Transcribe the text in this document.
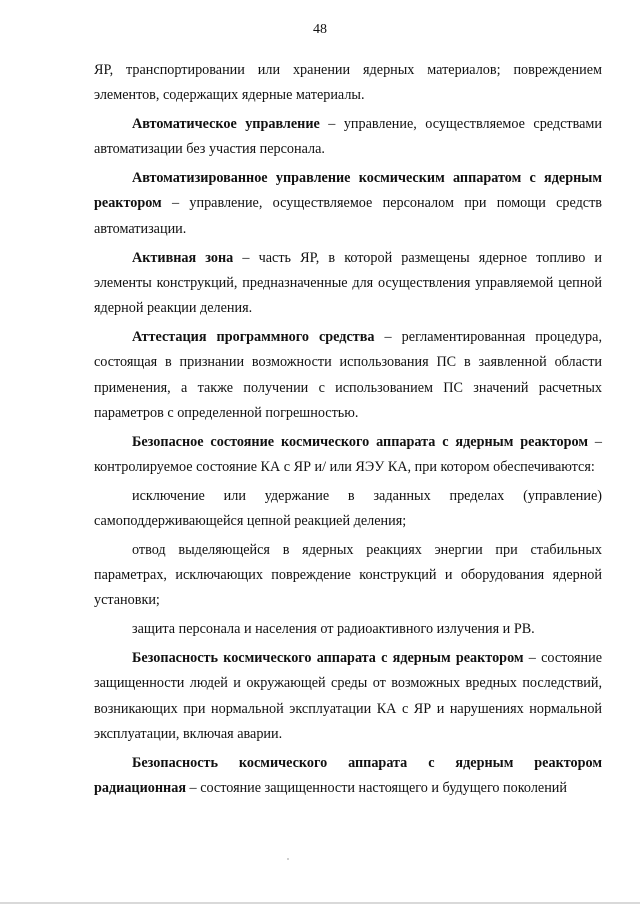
48

ЯР, транспортировании или хранении ядерных материалов; повреждением элементов, содержащих ядерные материалы.

Автоматическое управление – управление, осуществляемое средствами автоматизации без участия персонала.

Автоматизированное управление космическим аппаратом с ядерным реактором – управление, осуществляемое персоналом при помощи средств автоматизации.

Активная зона – часть ЯР, в которой размещены ядерное топливо и элементы конструкций, предназначенные для осуществления управляемой цепной ядерной реакции деления.

Аттестация программного средства – регламентированная процедура, состоящая в признании возможности использования ПС в заявленной области применения, а также получении с использованием ПС значений расчетных параметров с определенной погрешностью.

Безопасное состояние космического аппарата с ядерным реактором – контролируемое состояние КА с ЯР и/ или ЯЭУ КА, при котором обеспечиваются:

исключение или удержание в заданных пределах (управление) самоподдерживающейся цепной реакцией деления;

отвод выделяющейся в ядерных реакциях энергии при стабильных параметрах, исключающих повреждение конструкций и оборудования ядерной установки;

защита персонала и населения от радиоактивного излучения и РВ.

Безопасность космического аппарата с ядерным реактором – состояние защищенности людей и окружающей среды от возможных вредных последствий, возникающих при нормальной эксплуатации КА с ЯР и нарушениях нормальной эксплуатации, включая аварии.

Безопасность космического аппарата с ядерным реактором радиационная – состояние защищенности настоящего и будущего поколений
